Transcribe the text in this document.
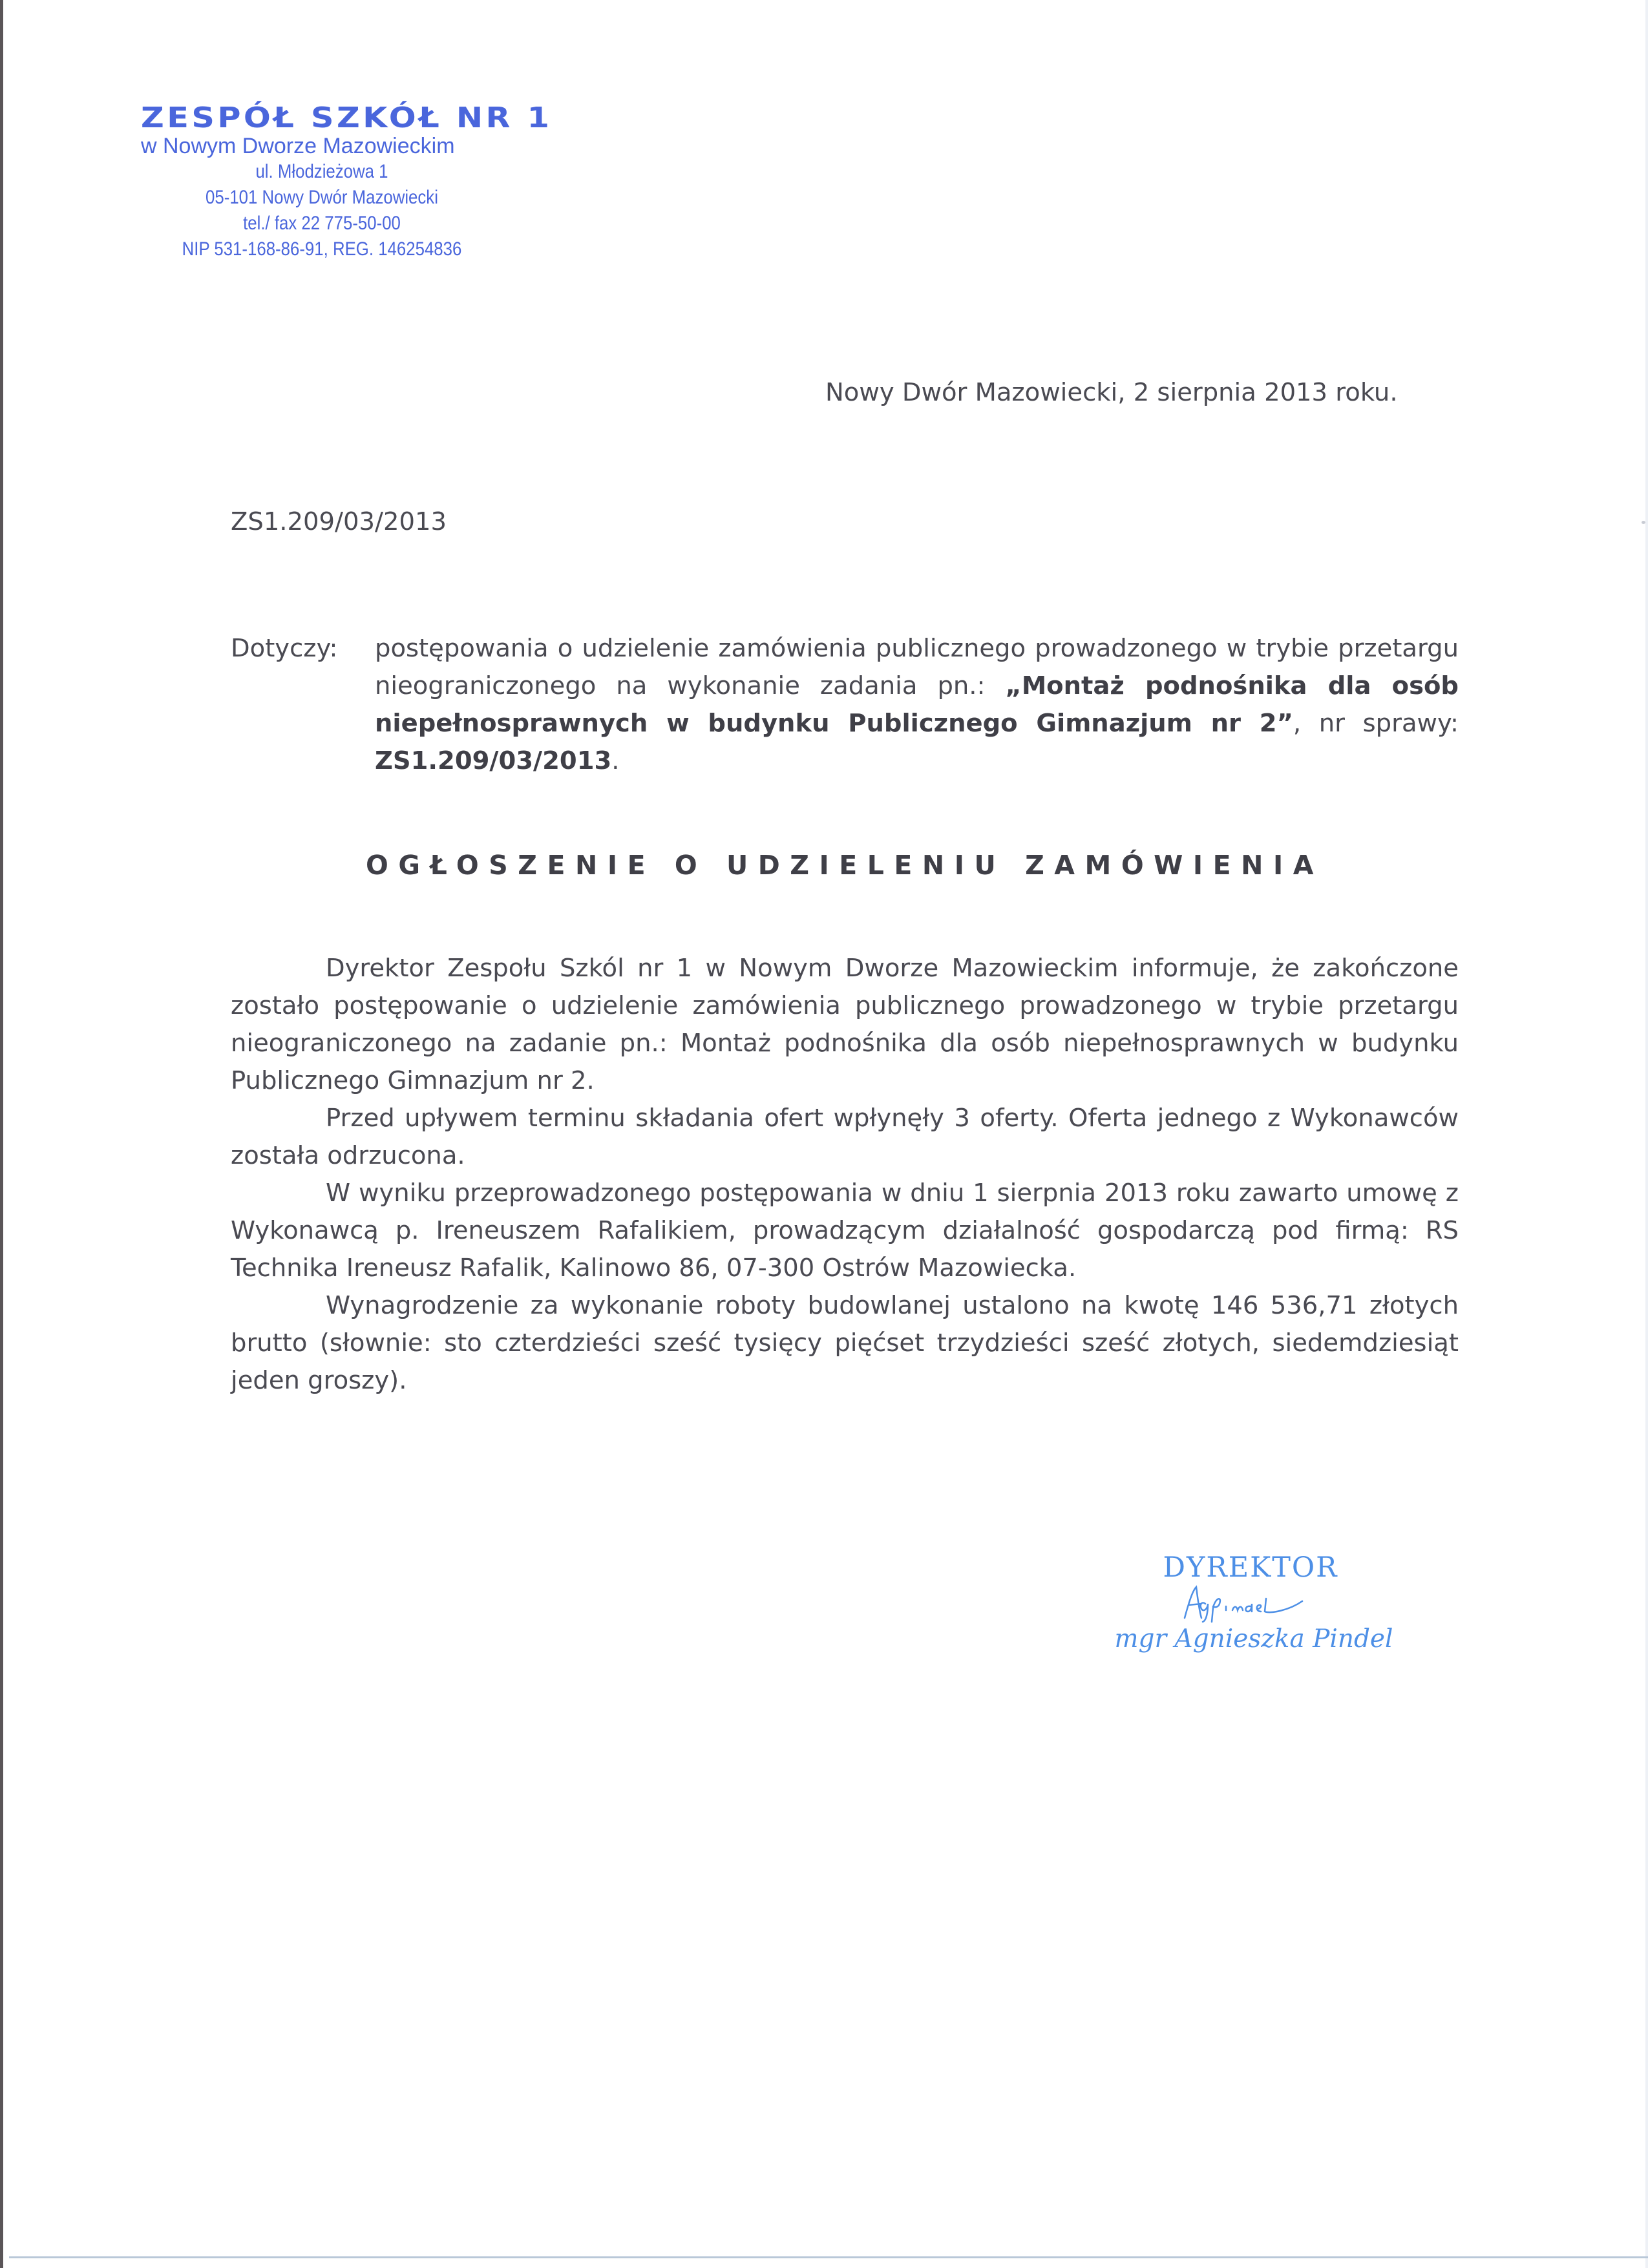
ZESPÓŁ SZKÓŁ NR 1
w Nowym Dworze Mazowieckim
ul. Młodzieżowa 1
05-101 Nowy Dwór Mazowiecki
tel./ fax 22 775-50-00
NIP 531-168-86-91, REG. 146254836
Nowy Dwór Mazowiecki, 2 sierpnia 2013 roku.
ZS1.209/03/2013
Dotyczy: postępowania o udzielenie zamówienia publicznego prowadzonego w trybie przetargu nieograniczonego na wykonanie zadania pn.: „Montaż podnośnika dla osób niepełnosprawnych w budynku Publicznego Gimnazjum nr 2”, nr sprawy: ZS1.209/03/2013.
OGŁOSZENIE O UDZIELENIU ZAMÓWIENIA

Dyrektor Zespołu Szkól nr 1 w Nowym Dworze Mazowieckim informuje, że zakończone zostało postępowanie o udzielenie zamówienia publicznego prowadzonego w trybie przetargu nieograniczonego na zadanie pn.: Montaż podnośnika dla osób niepełnosprawnych w budynku Publicznego Gimnazjum nr 2.

Przed upływem terminu składania ofert wpłynęły 3 oferty. Oferta jednego z Wykonawców została odrzucona.

W wyniku przeprowadzonego postępowania w dniu 1 sierpnia 2013 roku zawarto umowę z Wykonawcą p. Ireneuszem Rafalikiem, prowadzącym działalność gospodarczą pod firmą: RS Technika Ireneusz Rafalik, Kalinowo 86, 07-300 Ostrów Mazowiecka.

Wynagrodzenie za wykonanie roboty budowlanej ustalono na kwotę 146 536,71 złotych brutto (słownie: sto czterdzieści sześć tysięcy pięćset trzydzieści sześć złotych, siedemdziesiąt jeden groszy).

DYREKTOR
mgr Agnieszka Pindel
